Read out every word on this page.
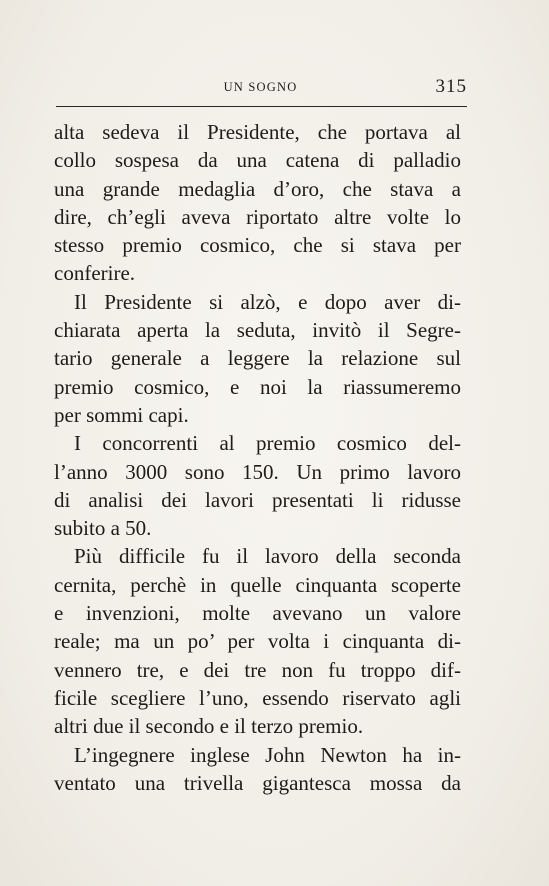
UN SOGNO	315
alta sedeva il Presidente, che portava al
collo sospesa da una catena di palladio
una grande medaglia d’oro, che stava a
dire, ch’egli aveva riportato altre volte lo
stesso premio cosmico, che si stava per
conferire.
Il Presidente si alzò, e dopo aver di-
chiarata aperta la seduta, invitò il Segre-
tario generale a leggere la relazione sul
premio cosmico, e noi la riassumeremo
per sommi capi.
I concorrenti al premio cosmico del-
l’anno 3000 sono 150. Un primo lavoro
di analisi dei lavori presentati li ridusse
subito a 50.
Più difficile fu il lavoro della seconda
cernita, perchè in quelle cinquanta scoperte
e invenzioni, molte avevano un valore
reale; ma un po’ per volta i cinquanta di-
vennero tre, e dei tre non fu troppo dif-
ficile scegliere l’uno, essendo riservato agli
altri due il secondo e il terzo premio.
L’ingegnere inglese John Newton ha in-
ventato una trivella gigantesca mossa da
